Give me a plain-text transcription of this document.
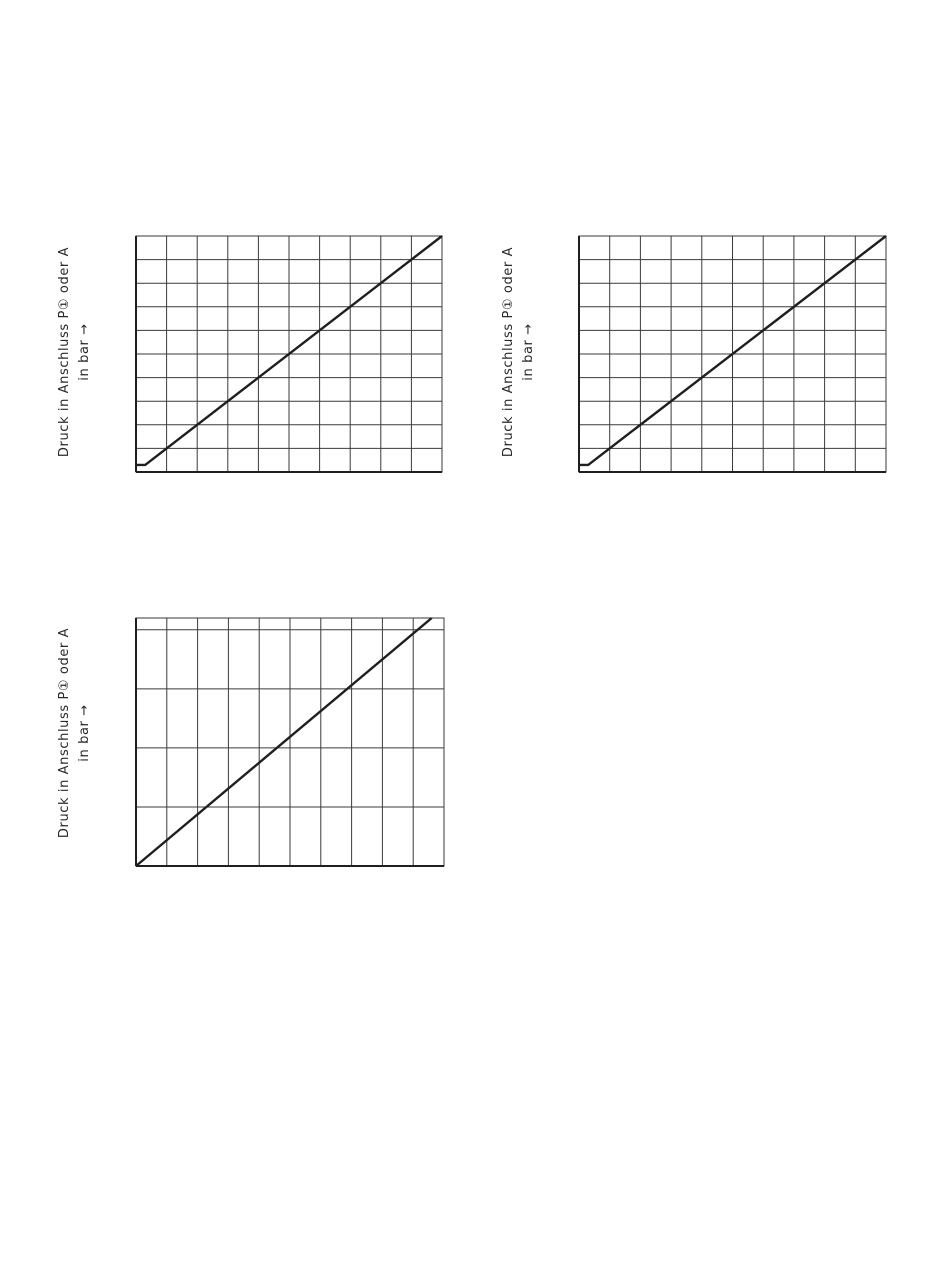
Druck in Anschluss P① oder A in bar →	Druck in Anschluss P① oder A in bar →
Druck in Anschluss P① oder A in bar →
